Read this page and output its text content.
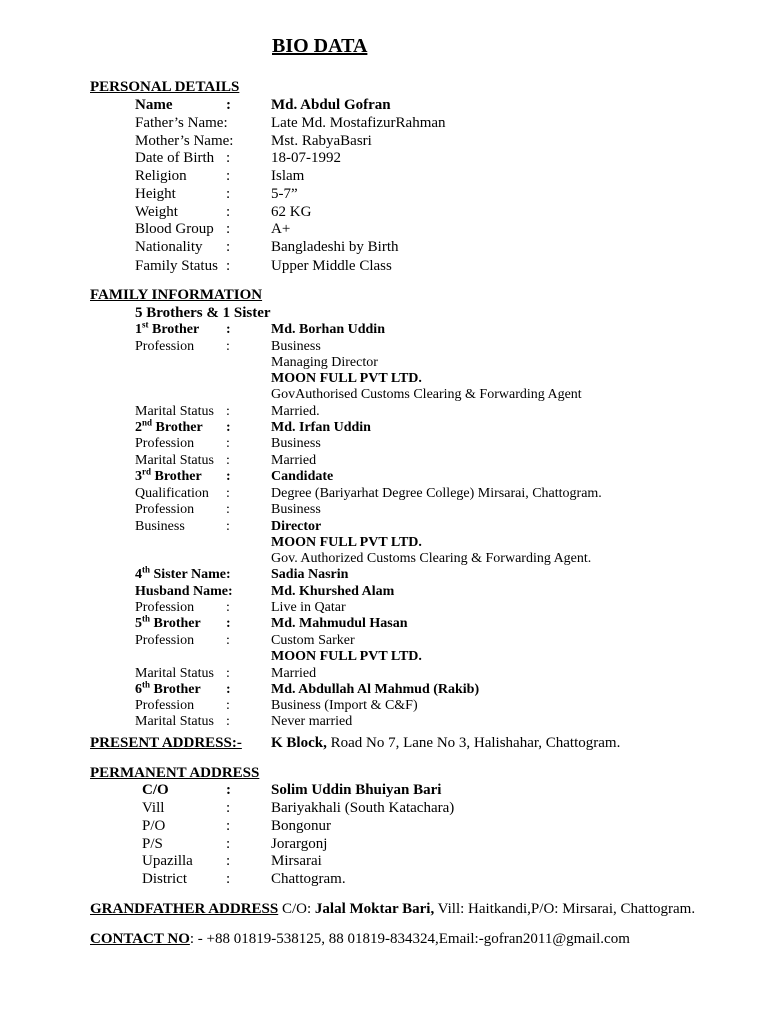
BIO DATA
PERSONAL DETAILS
Name	:	Md. Abdul Gofran
Father’s Name:	Late Md. MostafizurRahman
Mother’s Name:	Mst. RabyaBasri
Date of Birth :	18-07-1992
Religion	:	Islam
Height	:	5-7”
Weight	:	62 KG
Blood Group :	A+
Nationality :	Bangladeshi by Birth
Family Status :	Upper Middle Class
FAMILY INFORMATION
5 Brothers & 1 Sister
1st Brother :	Md. Borhan Uddin
Profession :	Business
Managing Director
MOON FULL PVT LTD.
GovAuthorised Customs Clearing & Forwarding Agent
Marital Status :	Married.
2nd Brother :	Md. Irfan Uddin
Profession :	Business
Marital Status :	Married
3rd Brother :	Candidate
Qualification :	Degree (Bariyarhat Degree College) Mirsarai, Chattogram.
Profession :	Business
Business	:	Director
MOON FULL PVT LTD.
Gov. Authorized Customs Clearing & Forwarding Agent.
4th Sister Name:	Sadia Nasrin
Husband Name:	Md. Khurshed Alam
Profession :	Live in Qatar
5th Brother :	Md. Mahmudul Hasan
Profession :	Custom Sarker
MOON FULL PVT LTD.
Marital Status :	Married
6th Brother :	Md. Abdullah Al Mahmud (Rakib)
Profession :	Business (Import & C&F)
Marital Status :	Never married
PRESENT ADDRESS:- K Block, Road No 7, Lane No 3, Halishahar, Chattogram.
PERMANENT ADDRESS
C/O	:	Solim Uddin Bhuiyan Bari
Vill	:	Bariyakhali (South Katachara)
P/O	:	Bongonur
P/S	:	Jorargonj
Upazilla :	Mirsarai
District	:	Chattogram.
GRANDFATHER ADDRESS C/O: Jalal Moktar Bari, Vill: Haitkandi,P/O: Mirsarai, Chattogram.
CONTACT NO: - +88 01819-538125, 88 01819-834324,Email:-gofran2011@gmail.com
